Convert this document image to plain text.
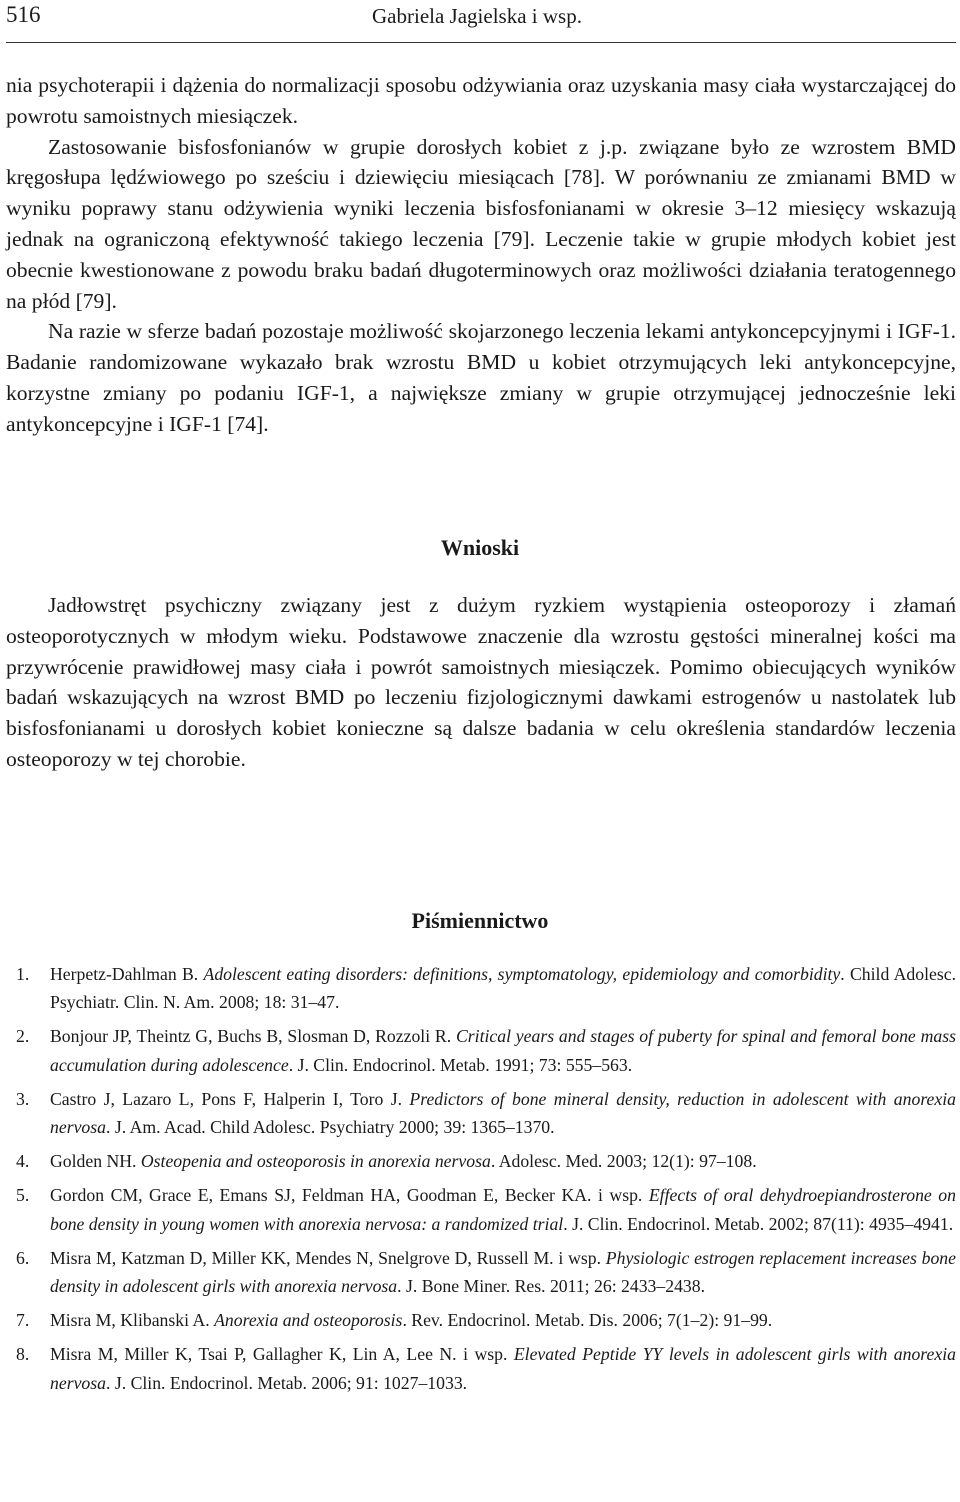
516	Gabriela Jagielska i wsp.

nia psychoterapii i dążenia do normalizacji sposobu odżywiania oraz uzyskania masy ciała wystarczającej do powrotu samoistnych miesiączek.

Zastosowanie bisfosfonianów w grupie dorosłych kobiet z j.p. związane było ze wzrostem BMD kręgosłupa lędźwiowego po sześciu i dziewięciu miesiącach [78]. W porównaniu ze zmianami BMD w wyniku poprawy stanu odżywienia wyniki leczenia bisfosfonianami w okresie 3–12 miesięcy wskazują jednak na ograniczoną efektywność takiego leczenia [79]. Leczenie takie w grupie młodych kobiet jest obecnie kwestionowane z powodu braku badań długoterminowych oraz możliwości działania teratogennego na płód [79].

Na razie w sferze badań pozostaje możliwość skojarzonego leczenia lekami antykoncepcyjnymi i IGF-1. Badanie randomizowane wykazało brak wzrostu BMD u kobiet otrzymujących leki antykoncepcyjne, korzystne zmiany po podaniu IGF-1, a największe zmiany w grupie otrzymującej jednocześnie leki antykoncepcyjne i IGF-1 [74].

Wnioski

Jadłowstręt psychiczny związany jest z dużym ryzkiem wystąpienia osteoporozy i złamań osteoporotycznych w młodym wieku. Podstawowe znaczenie dla wzrostu gęstości mineralnej kości ma przywrócenie prawidłowej masy ciała i powrót samoistnych miesiączek. Pomimo obiecujących wyników badań wskazujących na wzrost BMD po leczeniu fizjologicznymi dawkami estrogenów u nastolatek lub bisfosfonianami u dorosłych kobiet konieczne są dalsze badania w celu określenia standardów leczenia osteoporozy w tej chorobie.

Piśmiennictwo
1. Herpetz-Dahlman B. Adolescent eating disorders: definitions, symptomatology, epidemiology and comorbidity. Child Adolesc. Psychiatr. Clin. N. Am. 2008; 18: 31–47.
2. Bonjour JP, Theintz G, Buchs B, Slosman D, Rozzoli R. Critical years and stages of puberty for spinal and femoral bone mass accumulation during adolescence. J. Clin. Endocrinol. Metab. 1991; 73: 555–563.
3. Castro J, Lazaro L, Pons F, Halperin I, Toro J. Predictors of bone mineral density, reduction in adolescent with anorexia nervosa. J. Am. Acad. Child Adolesc. Psychiatry 2000; 39: 1365–1370.
4. Golden NH. Osteopenia and osteoporosis in anorexia nervosa. Adolesc. Med. 2003; 12(1): 97–108.
5. Gordon CM, Grace E, Emans SJ, Feldman HA, Goodman E, Becker KA. i wsp. Effects of oral dehydroepiandrosterone on bone density in young women with anorexia nervosa: a randomized trial. J. Clin. Endocrinol. Metab. 2002; 87(11): 4935–4941.
6. Misra M, Katzman D, Miller KK, Mendes N, Snelgrove D, Russell M. i wsp. Physiologic estrogen replacement increases bone density in adolescent girls with anorexia nervosa. J. Bone Miner. Res. 2011; 26: 2433–2438.
7. Misra M, Klibanski A. Anorexia and osteoporosis. Rev. Endocrinol. Metab. Dis. 2006; 7(1–2): 91–99.
8. Misra M, Miller K, Tsai P, Gallagher K, Lin A, Lee N. i wsp. Elevated Peptide YY levels in adolescent girls with anorexia nervosa. J. Clin. Endocrinol. Metab. 2006; 91: 1027–1033.
